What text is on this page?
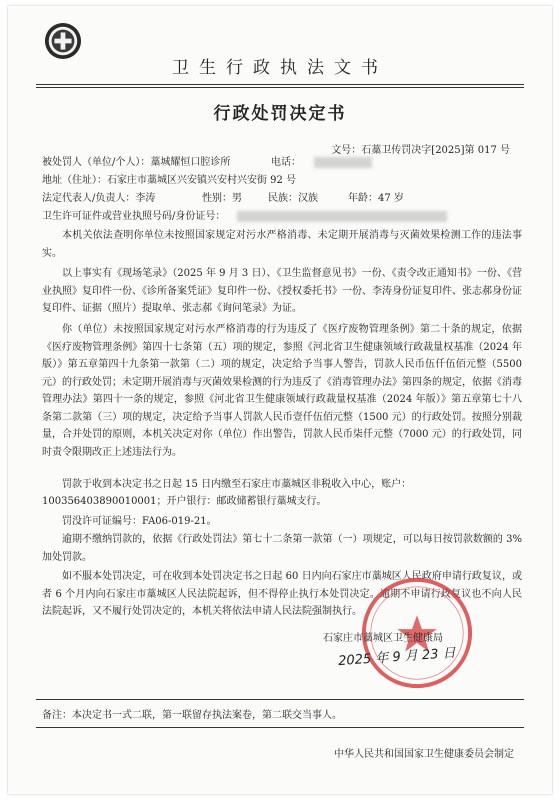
卫生行政执法文书
行政处罚决定书
文号：石藁卫传罚决字[2025]第 017 号
被处罚人（单位/个人）：藁城耀恒口腔诊所	电话：
地址（住址）：石家庄市藁城区兴安镇兴安村兴安街 92 号
法定代表人/负责人：李涛	性别：男	民族：汉族	年龄：47 岁
卫生许可证件或营业执照号码/身份证号：
本机关依法查明你单位未按照国家规定对污水严格消毒、未定期开展消毒与灭菌效果检测工作的违法事实。
以上事实有《现场笔录》（2025 年 9 月 3 日）、《卫生监督意见书》一份、《责令改正通知书》一份、《营业执照》复印件一份、《诊所备案凭证》复印件一份、《授权委托书》一份、李涛身份证复印件、张志郝身份证复印件、证据（照片）提取单、张志郝《询问笔录》为证。
你（单位）未按照国家规定对污水严格消毒的行为违反了《医疗废物管理条例》第二十条的规定，依据《医疗废物管理条例》第四十七条第（五）项的规定，参照《河北省卫生健康领域行政裁量权基准（2024 年版）》第五章第四十九条第一款第（二）项的规定，决定给予当事人警告，罚款人民币伍仟伍佰元整（5500 元）的行政处罚；未定期开展消毒与灭菌效果检测的行为违反了《消毒管理办法》第四条的规定，依据《消毒管理办法》第四十一条的规定，参照《河北省卫生健康领域行政裁量权基准（2024 年版）》第五章第七十八条第二款第（三）项的规定，决定给予当事人罚款人民币壹仟伍佰元整（1500 元）的行政处罚。按照分别裁量，合并处罚的原则，本机关决定对你（单位）作出警告，罚款人民币柒仟元整（7000 元）的行政处罚，同时责令限期改正上述违法行为。
罚款于收到本决定书之日起 15 日内缴至石家庄市藁城区非税收入中心，账户：
100356403890010001；开户银行：邮政储蓄银行藁城支行。
罚没许可证编号：FA06-019-21。
逾期不缴纳罚款的，依据《行政处罚法》第七十二条第一款第（一）项规定，可以每日按罚款数额的 3%加处罚款。
如不服本处罚决定，可在收到本处罚决定书之日起 60 日内向石家庄市藁城区人民政府申请行政复议，或者 6 个月内向石家庄市藁城区人民法院起诉，但不得停止执行本处罚决定。逾期不申请行政复议也不向人民法院起诉，又不履行处罚决定的，本机关将依法申请人民法院强制执行。
石家庄市藁城区卫生健康局
2025 年 9 月 23 日
备注：本决定书一式二联，第一联留存执法案卷，第二联交当事人。
中华人民共和国国家卫生健康委员会制定
